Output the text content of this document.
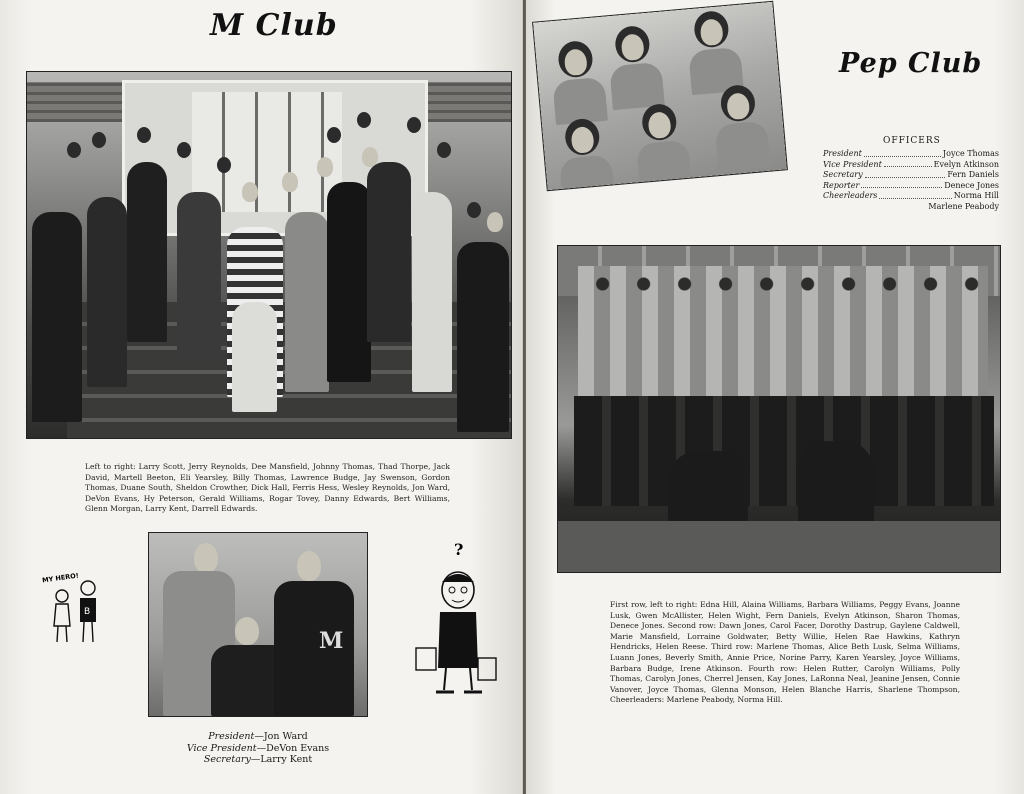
M Club
Left to right: Larry Scott, Jerry Reynolds, Dee Mansfield, Johnny Thomas, Thad Thorpe, Jack David, Martell Beeton, Eli Yearsley, Billy Thomas, Lawrence Budge, Jay Swenson, Gordon Thomas, Duane South, Sheldon Crowther, Dick Hall, Ferris Hess, Wesley Reynolds, Jon Ward, DeVon Evans, Hy Peterson, Gerald Williams, Rogar Tovey, Danny Edwards, Bert Williams, Glenn Morgan, Larry Kent, Darrell Edwards.
M
President—Jon Ward
Vice President—DeVon Evans
Secretary—Larry Kent
MY HERO!
B
?
Pep Club
OFFICERS
President	Joyce Thomas
Vice President	Evelyn Atkinson
Secretary	Fern Daniels
Reporter	Denece Jones
Cheerleaders	Norma Hill
Marlene Peabody
First row, left to right: Edna Hill, Alaina Williams, Barbara Williams, Peggy Evans, Joanne Lusk, Gwen McAllister, Helen Wight, Fern Daniels, Evelyn Atkinson, Sharon Thomas, Denece Jones. Second row: Dawn Jones, Carol Facer, Dorothy Dastrup, Gaylene Caldwell, Marie Mansfield, Lorraine Goldwater, Betty Willie, Helen Rae Hawkins, Kathryn Hendricks, Helen Reese. Third row: Marlene Thomas, Alice Beth Lusk, Selma Williams, Luann Jones, Beverly Smith, Annie Price, Norine Parry, Karen Yearsley, Joyce Williams, Barbara Budge, Irene Atkinson. Fourth row: Helen Rutter, Carolyn Williams, Polly Thomas, Carolyn Jones, Cherrel Jensen, Kay Jones, LaRonna Neal, Jeanine Jensen, Connie Vanover, Joyce Thomas, Glenna Monson, Helen Blanche Harris, Sharlene Thompson, Cheerleaders: Marlene Peabody, Norma Hill.
